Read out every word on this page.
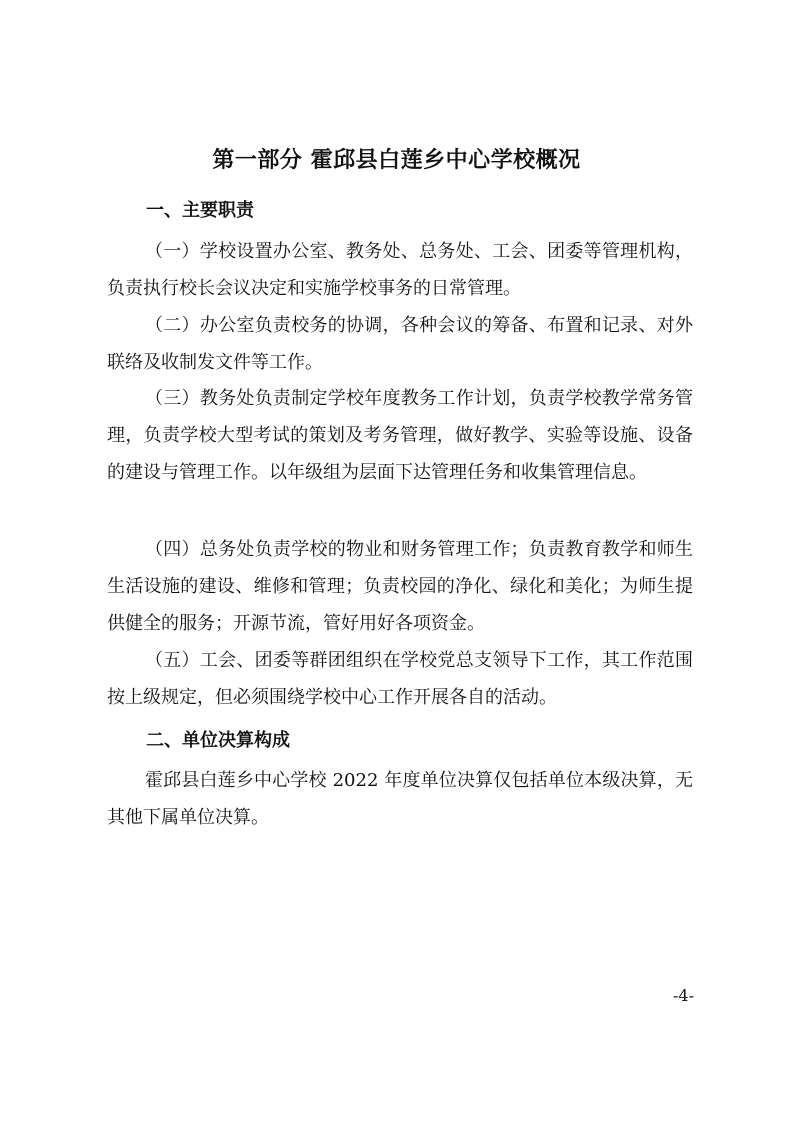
第一部分 霍邱县白莲乡中心学校概况
一、主要职责
（一）学校设置办公室、教务处、总务处、工会、团委等管理机构，负责执行校长会议决定和实施学校事务的日常管理。
（二）办公室负责校务的协调，各种会议的筹备、布置和记录、对外联络及收制发文件等工作。
（三）教务处负责制定学校年度教务工作计划，负责学校教学常务管理，负责学校大型考试的策划及考务管理，做好教学、实验等设施、设备的建设与管理工作。以年级组为层面下达管理任务和收集管理信息。
（四）总务处负责学校的物业和财务管理工作；负责教育教学和师生生活设施的建设、维修和管理；负责校园的净化、绿化和美化；为师生提供健全的服务；开源节流，管好用好各项资金。
（五）工会、团委等群团组织在学校党总支领导下工作，其工作范围按上级规定，但必须围绕学校中心工作开展各自的活动。
二、单位决算构成
霍邱县白莲乡中心学校 2022 年度单位决算仅包括单位本级决算，无其他下属单位决算。
-4-
